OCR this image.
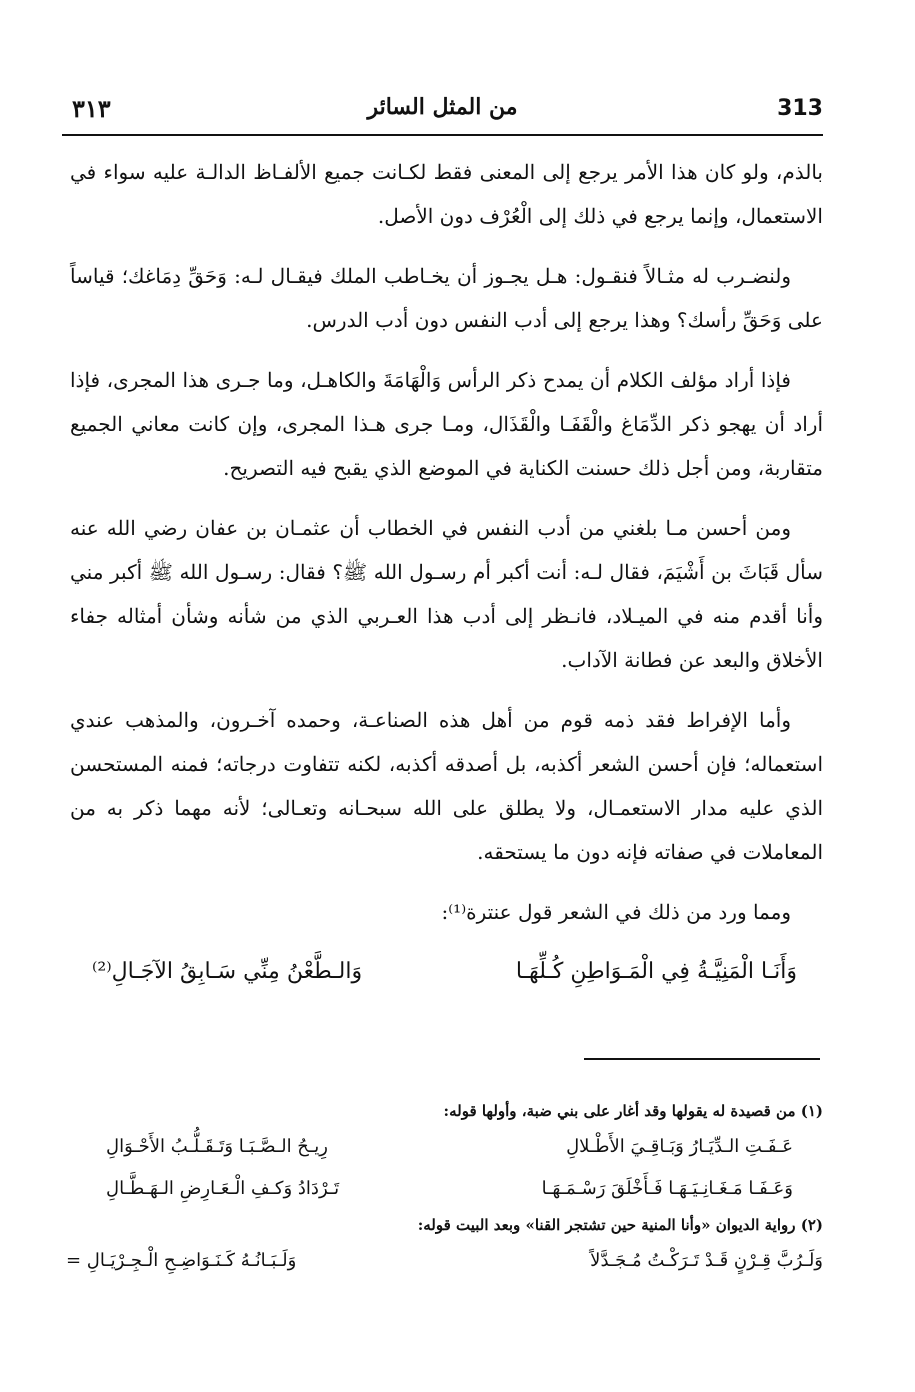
313
من المثل السائر
٣١٣

بالذم، ولو كان هذا الأمر يرجع إلى المعنى فقط لكـانت جميع الألفـاظ الدالـة عليه سواء في الاستعمال، وإنما يرجع في ذلك إلى الْعُرْف دون الأصل.

ولنضـرب له مثـالاً فنقـول: هـل يجـوز أن يخـاطب الملك فيقـال لـه: وَحَقِّ دِمَاغك؛ قياساً على وَحَقِّ رأسك؟ وهذا يرجع إلى أدب النفس دون أدب الدرس.

فإذا أراد مؤلف الكلام أن يمدح ذكر الرأس وَالْهَامَةَ والكاهـل، وما جـرى هذا المجرى، فإذا أراد أن يهجو ذكر الدِّمَاغ والْقَفَـا والْقَذَال، ومـا جرى هـذا المجرى، وإن كانت معاني الجميع متقاربة، ومن أجل ذلك حسنت الكناية في الموضع الذي يقبح فيه التصريح.

ومن أحسن مـا بلغني من أدب النفس في الخطاب أن عثمـان بن عفان رضي الله عنه سأل قَبَاثَ بن أَشْيَمَ، فقال لـه: أنت أكبر أم رسـول الله ﷺ؟ فقال: رسـول الله ﷺ أكبر مني وأنا أقدم منه في الميـلاد، فانـظر إلى أدب هذا العـربي الذي من شأنه وشأن أمثاله جفاء الأخلاق والبعد عن فطانة الآداب.

وأما الإفراط فقد ذمه قوم من أهل هذه الصناعـة، وحمده آخـرون، والمذهب عندي استعماله؛ فإن أحسن الشعر أكذبه، بل أصدقه أكذبه، لكنه تتفاوت درجاته؛ فمنه المستحسن الذي عليه مدار الاستعمـال، ولا يطلق على الله سبحـانه وتعـالى؛ لأنه مهما ذكر به من المعاملات في صفاته فإنه دون ما يستحقه.

ومما ورد من ذلك في الشعر قول عنترة⁽¹⁾:

وَأَنَـا الْمَنِيَّـةُ فِي الْمَـوَاطِنِ كُـلِّهَـا
وَالـطَّعْنُ مِنِّي سَـابِقُ الآجَـالِ⁽²⁾

(١) من قصيدة له يقولها وقد أغار على بني ضبة، وأولها قوله:

عَـفَـتِ الـدِّيَـارُ وَبَـاقِـيَ الأَطْـلالِ
رِيـحُ الـصَّـبَـا وَتَـقَـلُّـبُ الأَحْـوَالِ
وَعَـفَـا مَـغَـانِـيَـهَـا فَـأَخْلَقَ رَسْـمَـهَـا
تَـرْدَادُ وَكـفِ الْـعَـارِضِ الـهَـطَّـالِ

(٢) رواية الديوان «وأنا المنية حين تشتجر القنا» وبعد البيت قوله:

وَلَـرُبَّ قِـرْنٍ قَـدْ تَـرَكْـتُ مُـجَـدَّلاً
وَلَـبَـانُـهُ كَـنَـوَاضِـحِ الْـجِـرْيَـالِ =
